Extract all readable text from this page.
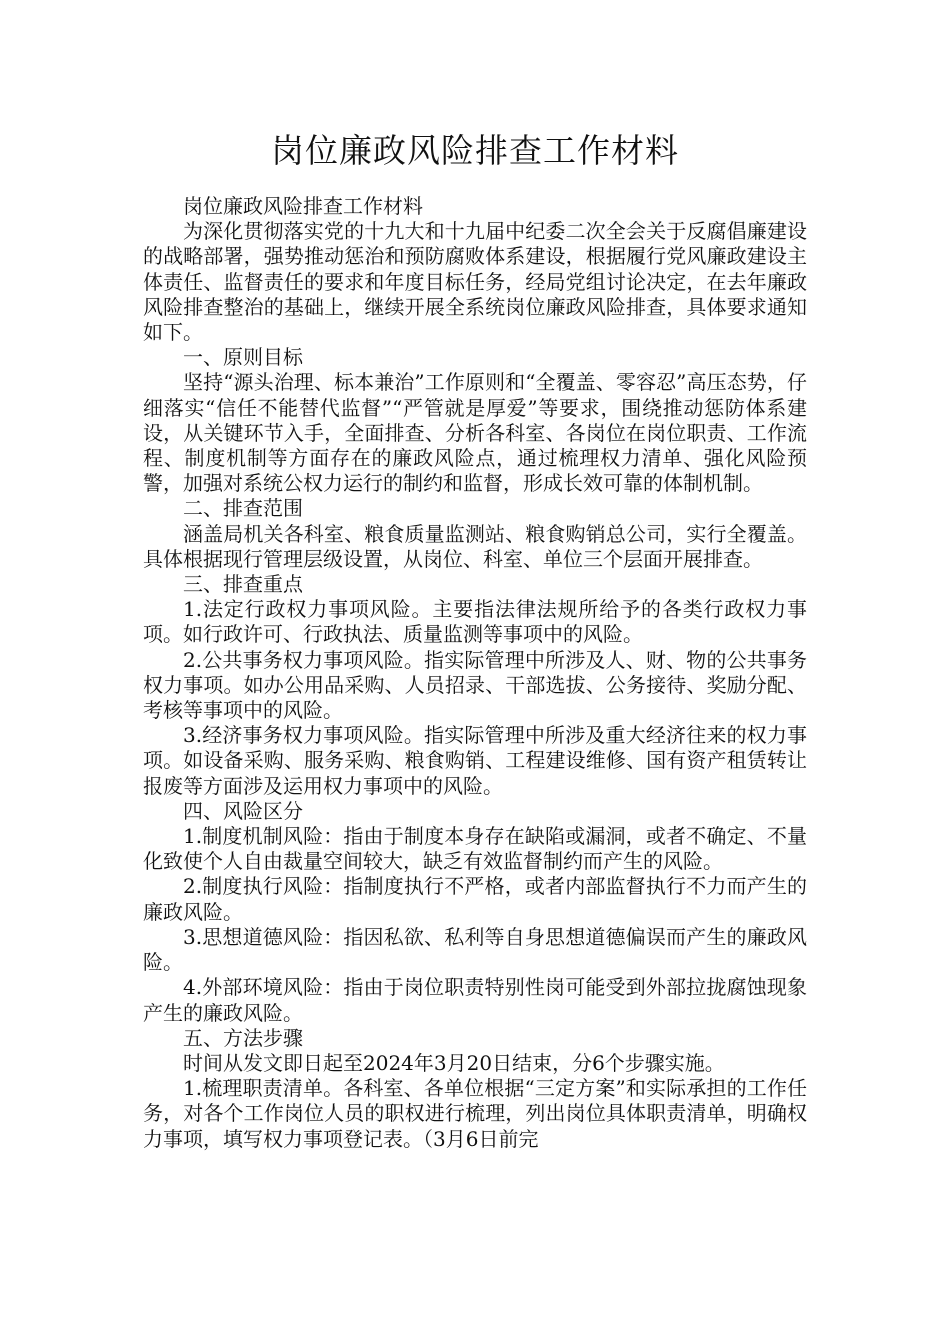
岗位廉政风险排查工作材料

岗位廉政风险排查工作材料

为深化贯彻落实党的十九大和十九届中纪委二次全会关于反腐倡廉建设的战略部署，强势推动惩治和预防腐败体系建设，根据履行党风廉政建设主体责任、监督责任的要求和年度目标任务，经局党组讨论决定，在去年廉政风险排查整治的基础上，继续开展全系统岗位廉政风险排查，具体要求通知如下。

一、原则目标

坚持“源头治理、标本兼治”工作原则和“全覆盖、零容忍”高压态势，仔细落实“信任不能替代监督”“严管就是厚爱”等要求，围绕推动惩防体系建设，从关键环节入手，全面排查、分析各科室、各岗位在岗位职责、工作流程、制度机制等方面存在的廉政风险点，通过梳理权力清单、强化风险预警，加强对系统公权力运行的制约和监督，形成长效可靠的体制机制。

二、排查范围

涵盖局机关各科室、粮食质量监测站、粮食购销总公司，实行全覆盖。具体根据现行管理层级设置，从岗位、科室、单位三个层面开展排查。

三、排查重点

1.法定行政权力事项风险。主要指法律法规所给予的各类行政权力事项。如行政许可、行政执法、质量监测等事项中的风险。

2.公共事务权力事项风险。指实际管理中所涉及人、财、物的公共事务权力事项。如办公用品采购、人员招录、干部选拔、公务接待、奖励分配、考核等事项中的风险。

3.经济事务权力事项风险。指实际管理中所涉及重大经济往来的权力事项。如设备采购、服务采购、粮食购销、工程建设维修、国有资产租赁转让报废等方面涉及运用权力事项中的风险。

四、风险区分

1.制度机制风险：指由于制度本身存在缺陷或漏洞，或者不确定、不量化致使个人自由裁量空间较大，缺乏有效监督制约而产生的风险。

2.制度执行风险：指制度执行不严格，或者内部监督执行不力而产生的廉政风险。

3.思想道德风险：指因私欲、私利等自身思想道德偏误而产生的廉政风险。

4.外部环境风险：指由于岗位职责特别性岗可能受到外部拉拢腐蚀现象产生的廉政风险。

五、方法步骤

时间从发文即日起至2024年3月20日结束，分6个步骤实施。

1.梳理职责清单。各科室、各单位根据“三定方案”和实际承担的工作任务，对各个工作岗位人员的职权进行梳理，列出岗位具体职责清单，明确权力事项，填写权力事项登记表。（3月6日前完
